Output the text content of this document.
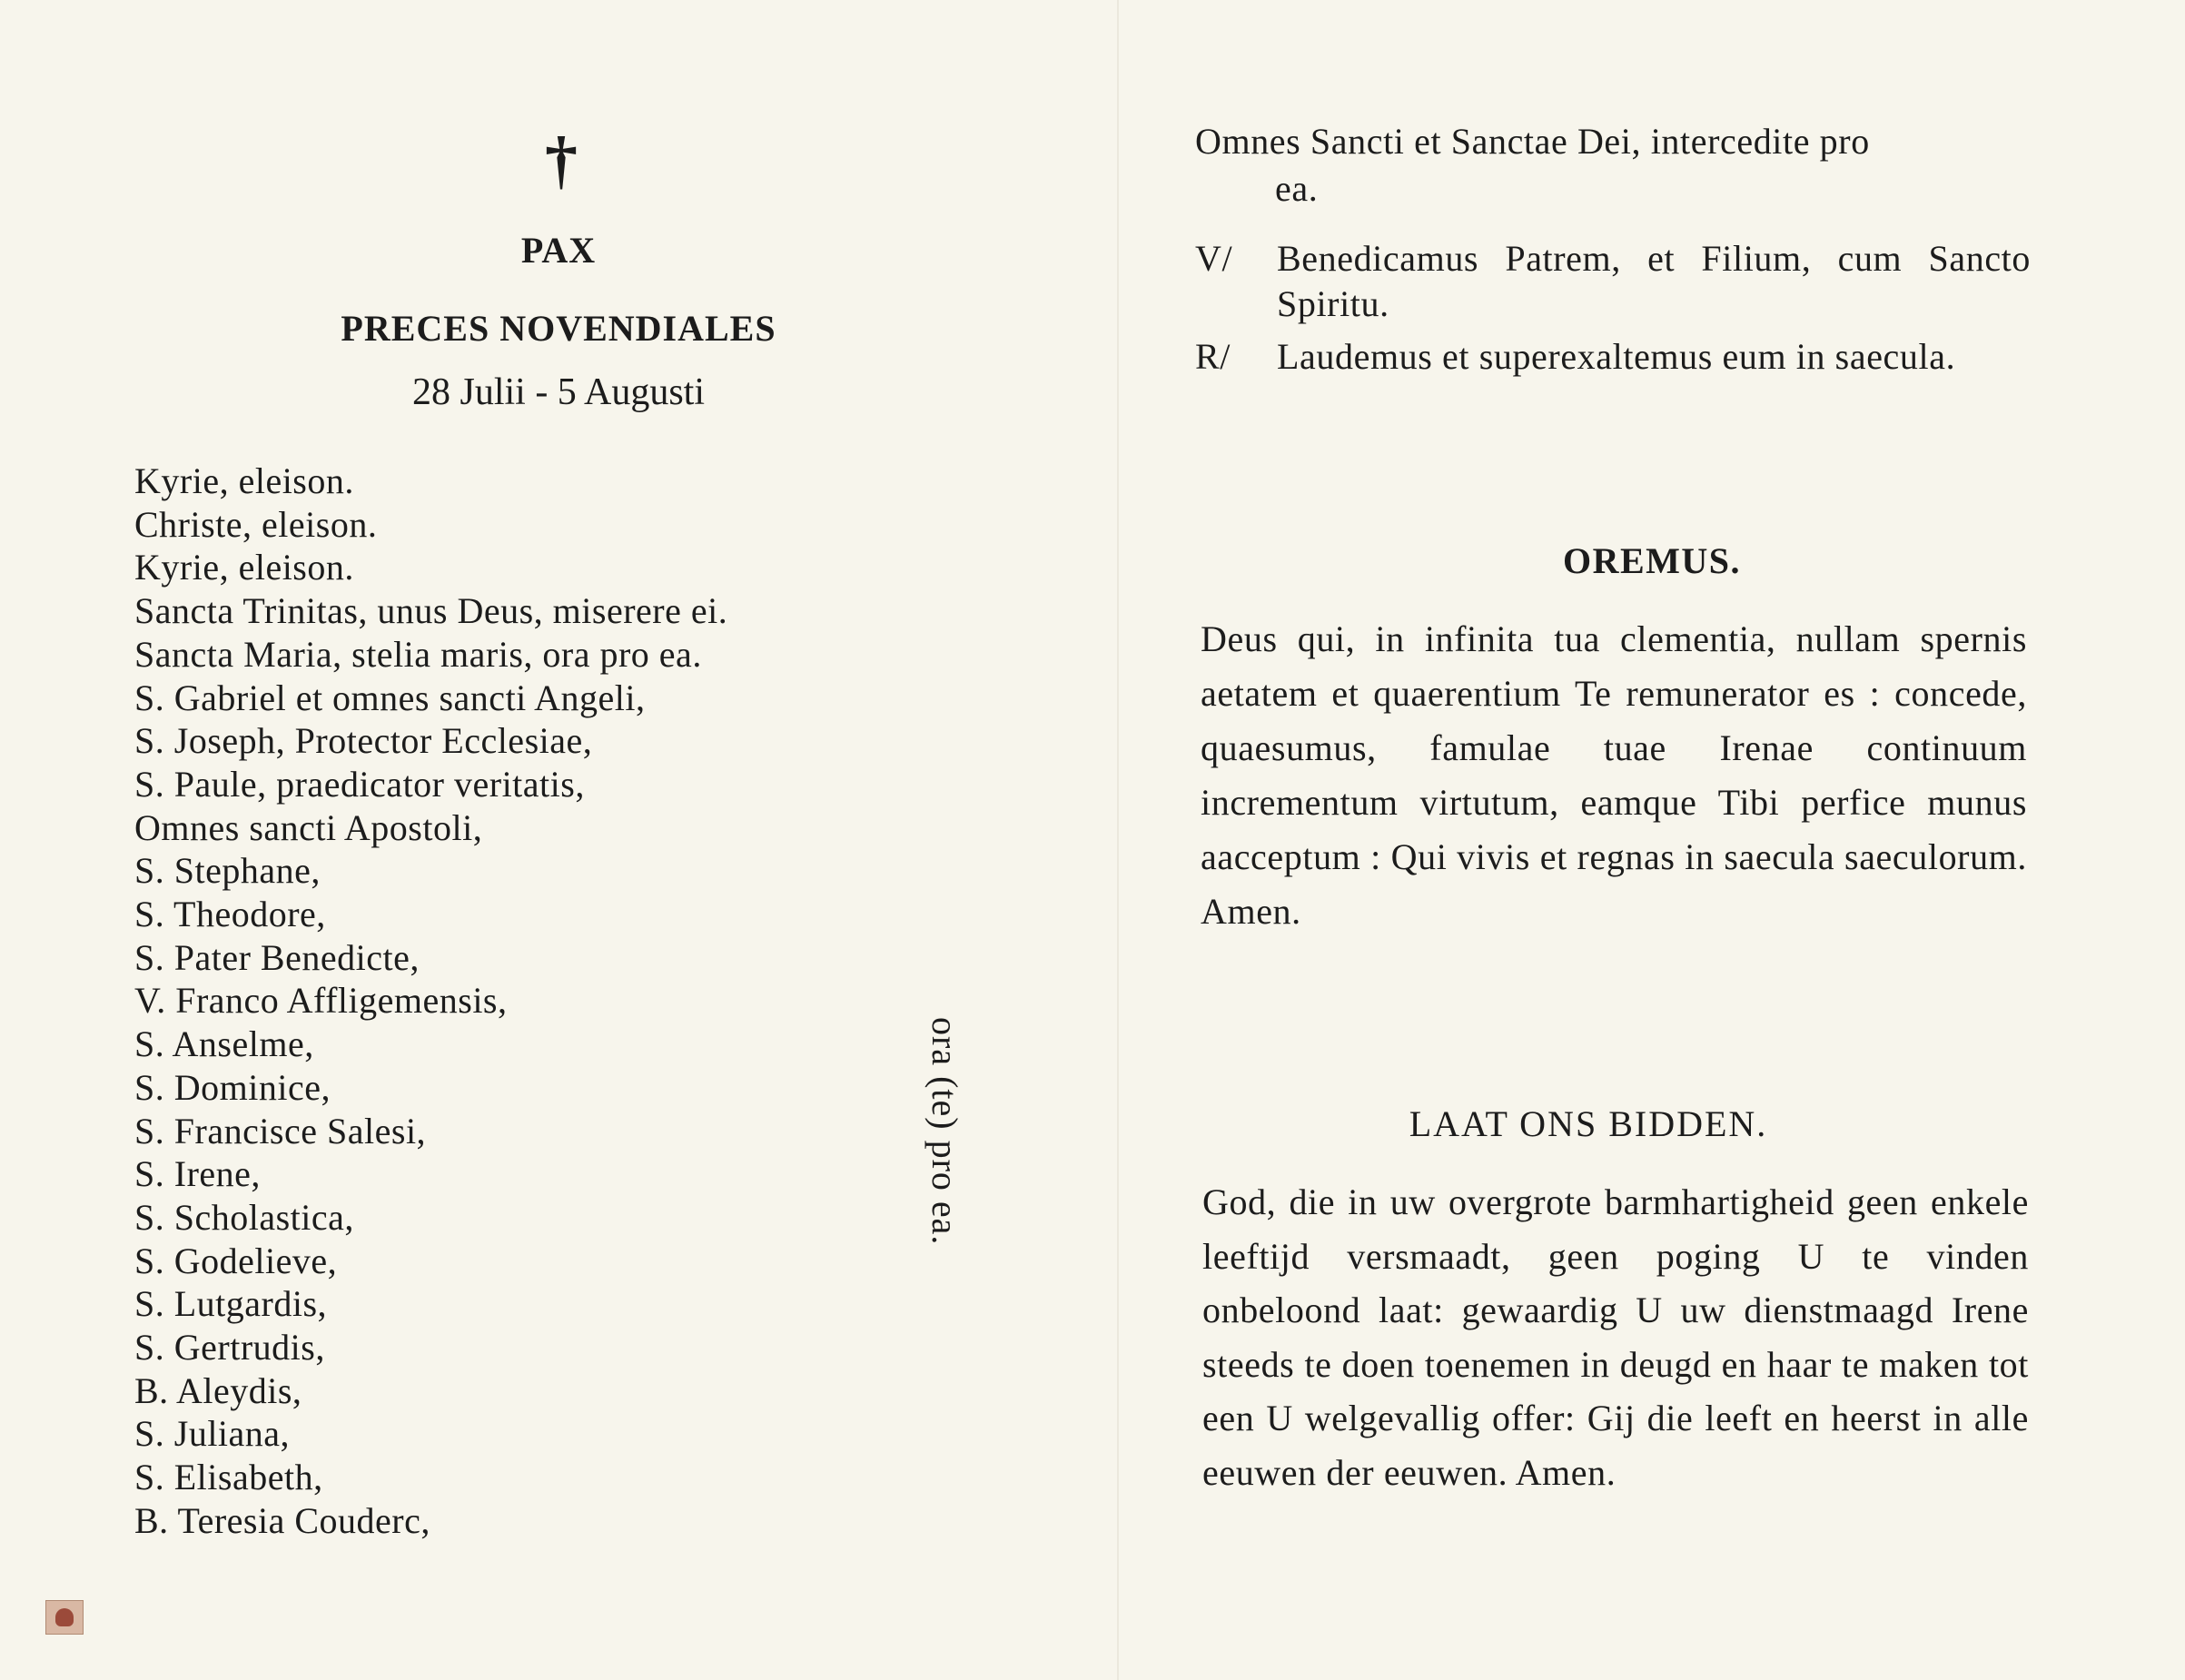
†
PAX
PRECES NOVENDIALES
28 Julii - 5 Augusti
Kyrie, eleison.
Christe, eleison.
Kyrie, eleison.
Sancta Trinitas, unus Deus, miserere ei.
Sancta Maria, stelia maris, ora pro ea.
S. Gabriel et omnes sancti Angeli,
S. Joseph, Protector Ecclesiae,
S. Paule, praedicator veritatis,
Omnes sancti Apostoli,
S. Stephane,
S. Theodore,
S. Pater Benedicte,
V. Franco Affligemensis,
S. Anselme,
S. Dominice,
S. Francisce Salesi,
S. Irene,
S. Scholastica,
S. Godelieve,
S. Lutgardis,
S. Gertrudis,
B. Aleydis,
S. Juliana,
S. Elisabeth,
B. Teresia Couderc,
ora (te) pro ea.
Omnes Sancti et Sanctae Dei, intercedite pro
ea.
V/ Benedicamus Patrem, et Filium, cum Sancto Spiritu.
R/ Laudemus et superexaltemus eum in saecula.
OREMUS.
Deus qui, in infinita tua clementia, nullam spernis aetatem et quaerentium Te remunerator es : concede, quaesumus, famulae tuae Irenae continuum incrementum virtutum, eamque Tibi perfice munus aacceptum : Qui vivis et regnas in saecula saeculorum. Amen.
LAAT ONS BIDDEN.
God, die in uw overgrote barmhartigheid geen enkele leeftijd versmaadt, geen poging U te vinden onbeloond laat: gewaardig U uw dienstmaagd Irene steeds te doen toenemen in deugd en haar te maken tot een U welgevallig offer: Gij die leeft en heerst in alle eeuwen der eeuwen. Amen.
